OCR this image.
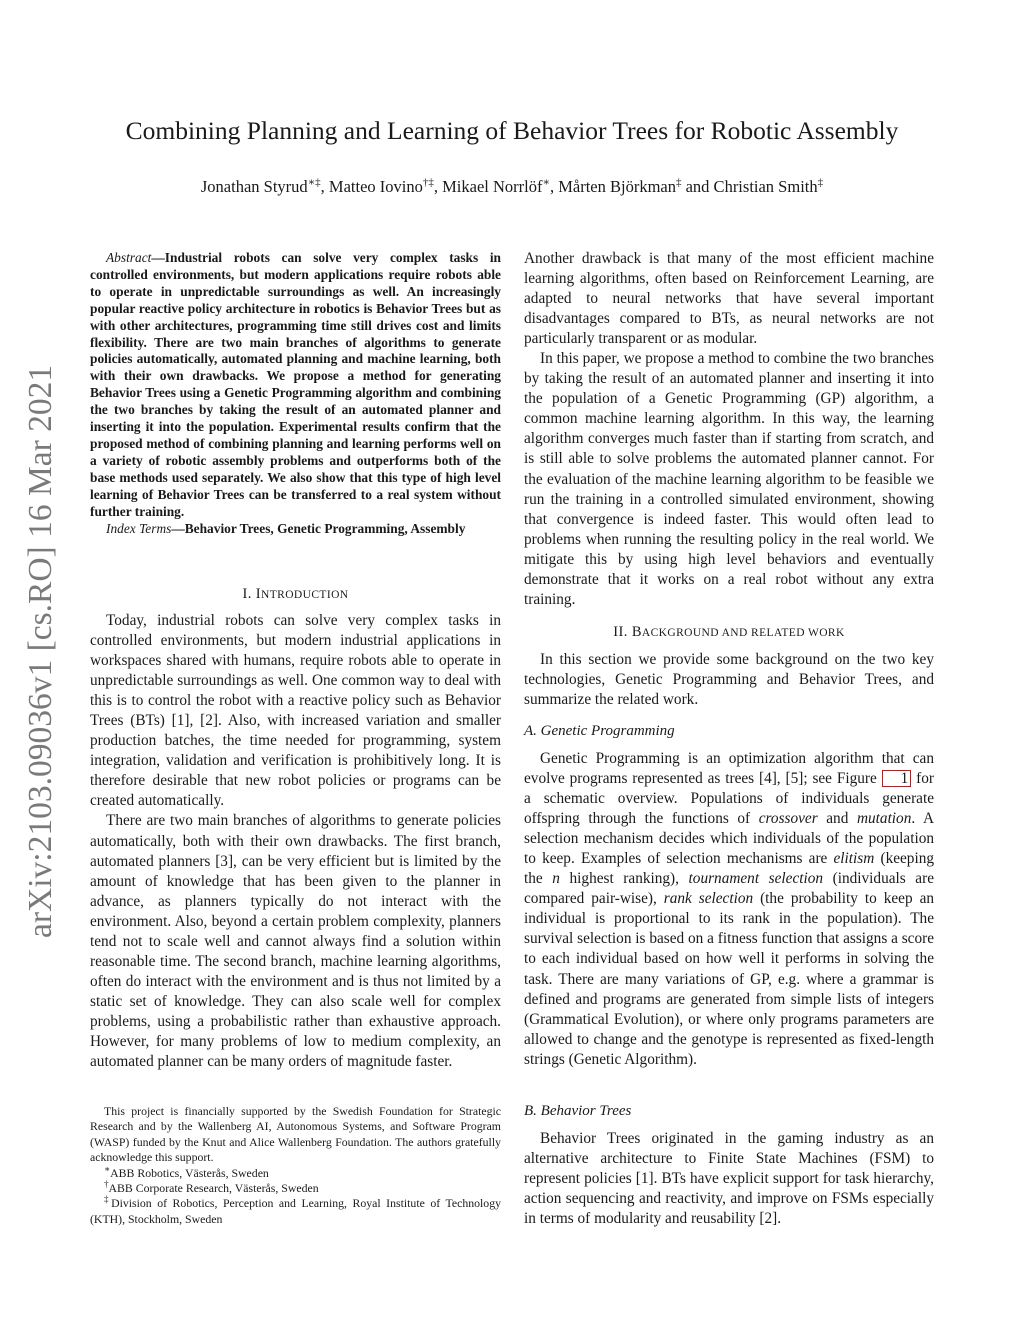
arXiv:2103.09036v1 [cs.RO] 16 Mar 2021
Combining Planning and Learning of Behavior Trees for Robotic Assembly
Jonathan Styrud∗‡, Matteo Iovino†‡, Mikael Norrlöf∗, Mårten Björkman‡ and Christian Smith‡

Abstract—Industrial robots can solve very complex tasks in controlled environments, but modern applications require robots able to operate in unpredictable surroundings as well. An increasingly popular reactive policy architecture in robotics is Behavior Trees but as with other architectures, programming time still drives cost and limits flexibility. There are two main branches of algorithms to generate policies automatically, automated planning and machine learning, both with their own drawbacks. We propose a method for generating Behavior Trees using a Genetic Programming algorithm and combining the two branches by taking the result of an automated planner and inserting it into the population. Experimental results confirm that the proposed method of combining planning and learning performs well on a variety of robotic assembly problems and outperforms both of the base methods used separately. We also show that this type of high level learning of Behavior Trees can be transferred to a real system without further training.

Index Terms—Behavior Trees, Genetic Programming, Assembly

I. INTRODUCTION

Today, industrial robots can solve very complex tasks in controlled environments, but modern industrial applications in workspaces shared with humans, require robots able to operate in unpredictable surroundings as well. One common way to deal with this is to control the robot with a reactive policy such as Behavior Trees (BTs) [1], [2]. Also, with increased variation and smaller production batches, the time needed for programming, system integration, validation and verification is prohibitively long. It is therefore desirable that new robot policies or programs can be created automatically.

There are two main branches of algorithms to generate policies automatically, both with their own drawbacks. The first branch, automated planners [3], can be very efficient but is limited by the amount of knowledge that has been given to the planner in advance, as planners typically do not interact with the environment. Also, beyond a certain problem complexity, planners tend not to scale well and cannot always find a solution within reasonable time. The second branch, machine learning algorithms, often do interact with the environment and is thus not limited by a static set of knowledge. They can also scale well for complex problems, using a probabilistic rather than exhaustive approach. However, for many problems of low to medium complexity, an automated planner can be many orders of magnitude faster.

Another drawback is that many of the most efficient machine learning algorithms, often based on Reinforcement Learning, are adapted to neural networks that have several important disadvantages compared to BTs, as neural networks are not particularly transparent or as modular.

In this paper, we propose a method to combine the two branches by taking the result of an automated planner and inserting it into the population of a Genetic Programming (GP) algorithm, a common machine learning algorithm. In this way, the learning algorithm converges much faster than if starting from scratch, and is still able to solve problems the automated planner cannot. For the evaluation of the machine learning algorithm to be feasible we run the training in a controlled simulated environment, showing that convergence is indeed faster. This would often lead to problems when running the resulting policy in the real world. We mitigate this by using high level behaviors and eventually demonstrate that it works on a real robot without any extra training.

II. BACKGROUND AND RELATED WORK

In this section we provide some background on the two key technologies, Genetic Programming and Behavior Trees, and summarize the related work.

A. Genetic Programming

Genetic Programming is an optimization algorithm that can evolve programs represented as trees [4], [5]; see Figure 1 for a schematic overview. Populations of individuals generate offspring through the functions of crossover and mutation. A selection mechanism decides which individuals of the population to keep. Examples of selection mechanisms are elitism (keeping the n highest ranking), tournament selection (individuals are compared pair-wise), rank selection (the probability to keep an individual is proportional to its rank in the population). The survival selection is based on a fitness function that assigns a score to each individual based on how well it performs in solving the task. There are many variations of GP, e.g. where a grammar is defined and programs are generated from simple lists of integers (Grammatical Evolution), or where only programs parameters are allowed to change and the genotype is represented as fixed-length strings (Genetic Algorithm).

B. Behavior Trees

Behavior Trees originated in the gaming industry as an alternative architecture to Finite State Machines (FSM) to represent policies [1]. BTs have explicit support for task hierarchy, action sequencing and reactivity, and improve on FSMs especially in terms of modularity and reusability [2].

This project is financially supported by the Swedish Foundation for Strategic Research and by the Wallenberg AI, Autonomous Systems, and Software Program (WASP) funded by the Knut and Alice Wallenberg Foundation. The authors gratefully acknowledge this support.

∗ABB Robotics, Västerås, Sweden

†ABB Corporate Research, Västerås, Sweden

‡Division of Robotics, Perception and Learning, Royal Institute of Technology (KTH), Stockholm, Sweden
